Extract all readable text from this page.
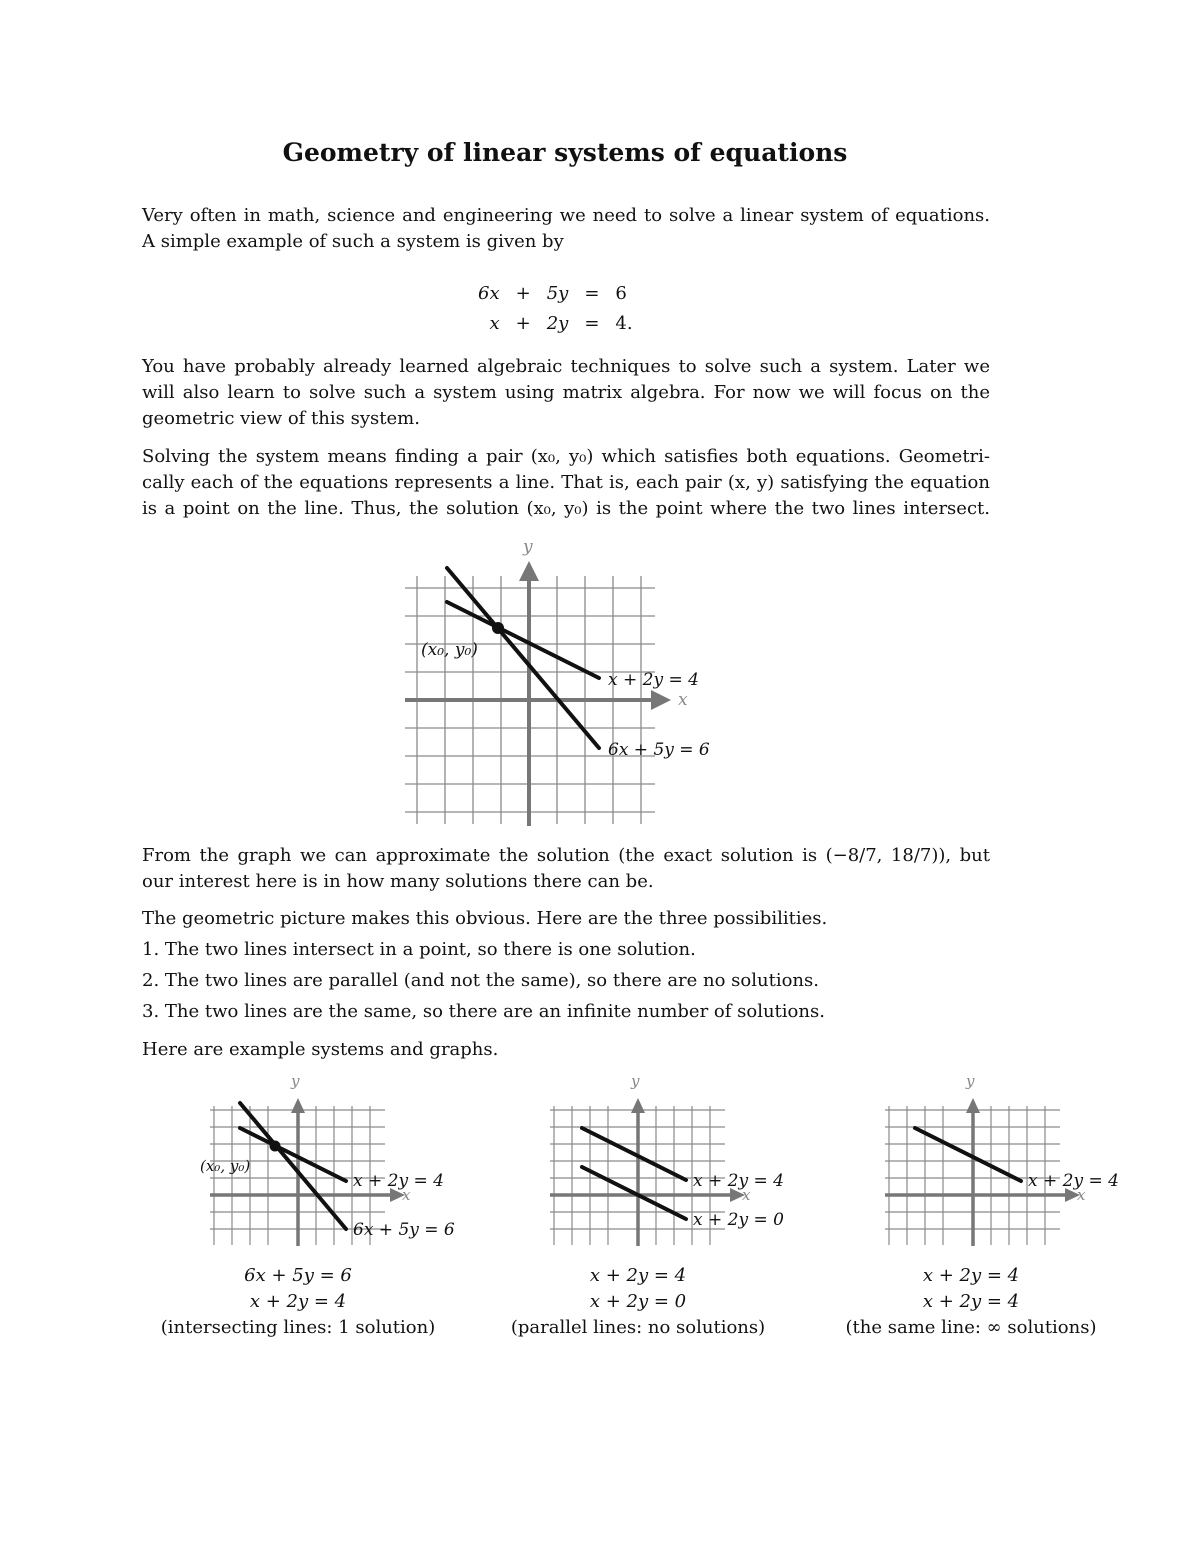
Geometry of linear systems of equations

Very often in math, science and engineering we need to solve a linear system of equations.
A simple example of such a system is given by

6x	+	5y	=	6
x	+	2y	=	4.

You have probably already learned algebraic techniques to solve such a system. Later we
will also learn to solve such a system using matrix algebra. For now we will focus on the
geometric view of this system.

Solving the system means finding a pair (x₀, y₀) which satisfies both equations. Geometri-
cally each of the equations represents a line. That is, each pair (x, y) satisfying the equation
is a point on the line. Thus, the solution (x₀, y₀) is the point where the two lines intersect.

x
y
(x₀, y₀)
x + 2y = 4
6x + 5y = 6

From the graph we can approximate the solution (the exact solution is (−8/7, 18/7)), but
our interest here is in how many solutions there can be.

The geometric picture makes this obvious. Here are the three possibilities.

1. The two lines intersect in a point, so there is one solution.

2. The two lines are parallel (and not the same), so there are no solutions.

3. The two lines are the same, so there are an infinite number of solutions.

Here are example systems and graphs.

x
y
(x₀, y₀)
x + 2y = 4
6x + 5y = 6
x
y
x + 2y = 4
x + 2y = 0
x
y
x + 2y = 4
6x + 5y = 6
x + 2y = 4
(intersecting lines: 1 solution)
x + 2y = 4
x + 2y = 0
(parallel lines: no solutions)
x + 2y = 4
x + 2y = 4
(the same line: ∞ solutions)
